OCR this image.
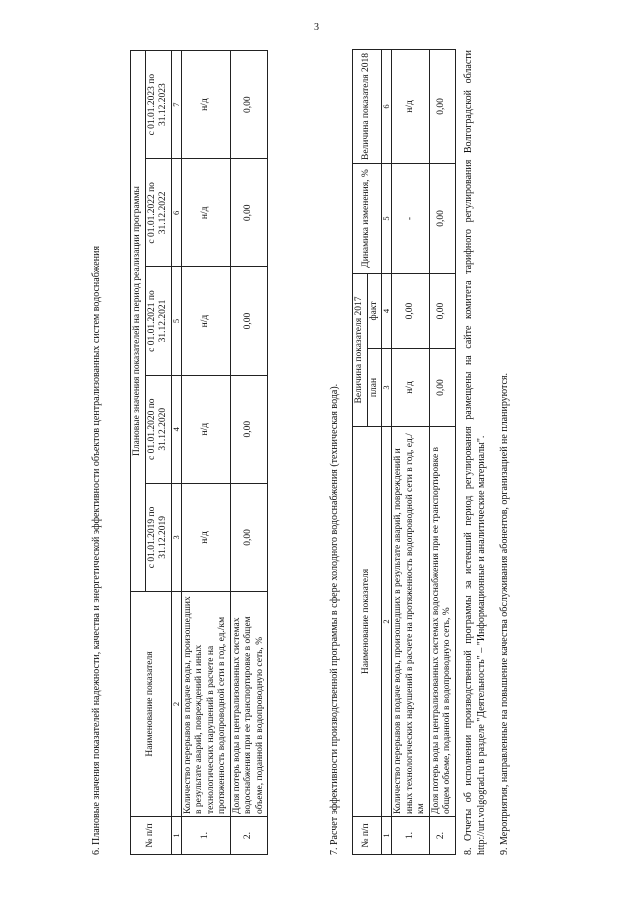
3

6. Плановые значения показателей надежности, качества и энергетической эффективности объектов централизованных систем водоснабжения	№ п/п	Наименование показателя	Плановые значения показателей на период реализации программы				
		с 01.01.2019 по 31.12.2019	с 01.01.2020 по 31.12.2020	с 01.01.2021 по 31.12.2021	с 01.01.2022 по 31.12.2022	с 01.01.2023 по 31.12.2023
1	2	3	4	5	6	7
1.	Количество перерывов в подаче воды, произошедших в результате аварий, повреждений и иных технологических нарушений в расчете на протяженность водопроводной сети в год, ед./км	н/д	н/д	н/д	н/д	н/д
2.	Доля потерь воды в централизованных системах водоснабжения при ее транспортировке в общем объеме, поданной в водопроводную сеть, %	0,00	0,00	0,00	0,00	0,00

7. Расчет эффективности производственной программы в сфере холодного водоснабжения (техническая вода). № п/п	Наименование показателя	Величина показателя 2017		Динамика изменения, %	Величина показателя 2018
		план	факт		
1	2	3	4	5	6
1.	Количество перерывов в подаче воды, произошедших в результате аварий, повреждений и иных технологических нарушений в расчете на протяженность водопроводной сети в год, ед./км	н/д	0,00	-	н/д
2.	Доля потерь воды в централизованных системах водоснабжения при ее транспортировке в общем объеме, поданной в водопроводную сеть, %	0,00	0,00	0,00	0,00 8. Отчеты об исполнении производственной программы за истекший период регулирования размещены на сайте комитета тарифного регулирования Волгоградской области http://urt.volgograd.ru в разделе "Деятельность" – "Информационные и аналитические материалы". 9. Мероприятия, направленные на повышение качества обслуживания абонентов, организацией не планируются.
